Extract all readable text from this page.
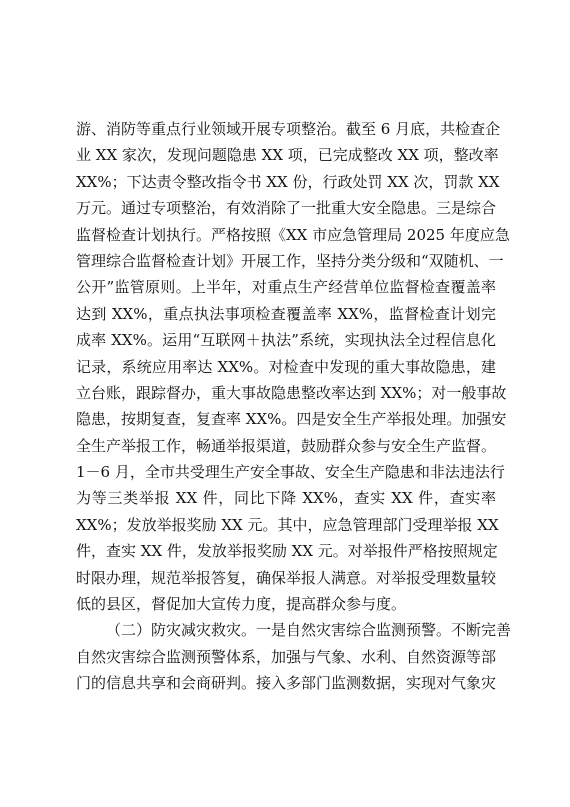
游、消防等重点行业领域开展专项整治。截至 6 月底，共检查企
业 XX 家次，发现问题隐患 XX 项，已完成整改 XX 项，整改率
XX%；下达责令整改指令书 XX 份，行政处罚 XX 次，罚款 XX
万元。通过专项整治，有效消除了一批重大安全隐患。三是综合
监督检查计划执行。严格按照《XX 市应急管理局 2025 年度应急
管理综合监督检查计划》开展工作，坚持分类分级和“双随机、一
公开”监管原则。上半年，对重点生产经营单位监督检查覆盖率
达到 XX%，重点执法事项检查覆盖率 XX%，监督检查计划完
成率 XX%。运用“互联网＋执法”系统，实现执法全过程信息化
记录，系统应用率达 XX%。对检查中发现的重大事故隐患，建
立台账，跟踪督办，重大事故隐患整改率达到 XX%；对一般事故
隐患，按期复查，复查率 XX%。四是安全生产举报处理。加强安
全生产举报工作，畅通举报渠道，鼓励群众参与安全生产监督。
1－6 月，全市共受理生产安全事故、安全生产隐患和非法违法行
为等三类举报 XX 件，同比下降 XX%，查实 XX 件，查实率
XX%；发放举报奖励 XX 元。其中，应急管理部门受理举报 XX
件，查实 XX 件，发放举报奖励 XX 元。对举报件严格按照规定
时限办理，规范举报答复，确保举报人满意。对举报受理数量较
低的县区，督促加大宣传力度，提高群众参与度。
（二）防灾减灾救灾。一是自然灾害综合监测预警。不断完善
自然灾害综合监测预警体系，加强与气象、水利、自然资源等部
门的信息共享和会商研判。接入多部门监测数据，实现对气象灾
